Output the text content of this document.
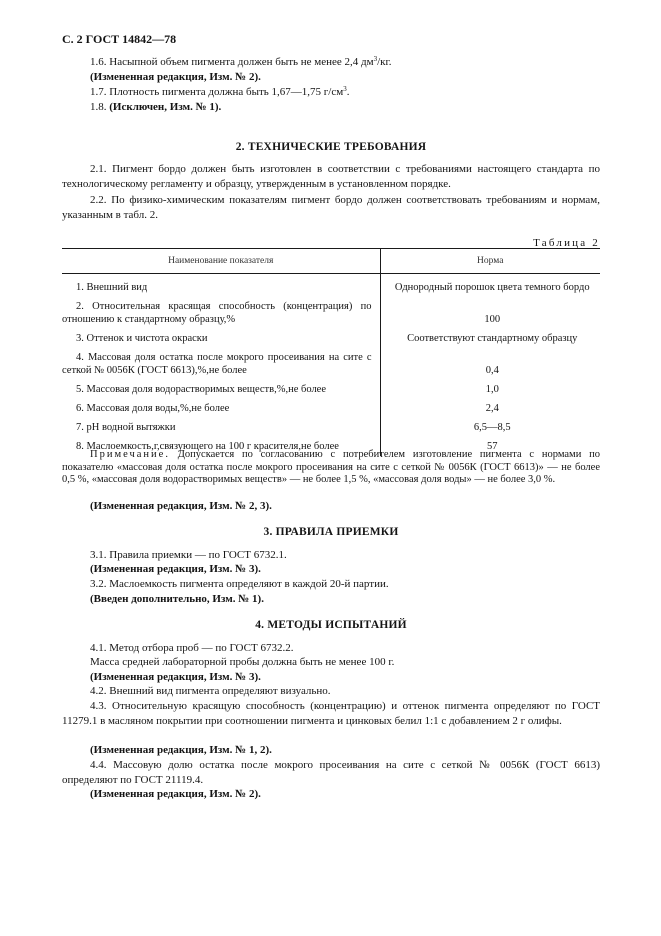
С. 2 ГОСТ 14842—78
1.6. Насыпной объем пигмента должен быть не менее 2,4 $дм^3/кг$.
(Измененная редакция, Изм. № 2).
1.7. Плотность пигмента должна быть 1,67—1,75 $г/см^3$.
1.8. (Исключен, Изм. № 1).
2. ТЕХНИЧЕСКИЕ ТРЕБОВАНИЯ
2.1. Пигмент бордо должен быть изготовлен в соответствии с требованиями настоящего стандарта по технологическому регламенту и образцу, утвержденным в установленном порядке.
2.2. По физико-химическим показателям пигмент бордо должен соответствовать требованиям и нормам, указанным в табл. 2.
Таблица 2
Наименование показателя	Норма

1. Внешний вид	Однородный порошок цвета темного бордо

2. Относительная красящая способность (концентрация) по отношению к стандартному образцу,%	100

3. Оттенок и чистота окраски	Соответствуют стандартному образцу

4. Массовая доля остатка после мокрого просеивания на сите с сеткой № 0056К (ГОСТ 6613),%,не более	0,4

5. Массовая доля водорастворимых веществ,%,не более	1,0

6. Массовая доля воды,%,не более	2,4

7. pH водной вытяжки	6,5—8,5

8. Маслоемкость,г,связующего на 100 г красителя,не более	57
Примечание. Допускается по согласованию с потребителем изготовление пигмента с нормами по показателю «массовая доля остатка после мокрого просеивания на сите с сеткой № 0056К (ГОСТ 6613)» — не более 0,5 %, «массовая доля водорастворимых веществ» — не более 1,5 %, «массовая доля воды» — не более 3,0 %.
(Измененная редакция, Изм. № 2, 3).
3. ПРАВИЛА ПРИЕМКИ
3.1. Правила приемки — по ГОСТ 6732.1.
(Измененная редакция, Изм. № 3).
3.2. Маслоемкость пигмента определяют в каждой 20-й партии.
(Введен дополнительно, Изм. № 1).
4. МЕТОДЫ ИСПЫТАНИЙ
4.1. Метод отбора проб — по ГОСТ 6732.2.
Масса средней лабораторной пробы должна быть не менее 100 г.
(Измененная редакция, Изм. № 3).
4.2. Внешний вид пигмента определяют визуально.
4.3. Относительную красящую способность (концентрацию) и оттенок пигмента определяют по ГОСТ 11279.1 в масляном покрытии при соотношении пигмента и цинковых белил 1:1 с добавлением 2 г олифы.
(Измененная редакция, Изм. № 1, 2).
4.4. Массовую долю остатка после мокрого просеивания на сите с сеткой № 0056К (ГОСТ 6613) определяют по ГОСТ 21119.4.
(Измененная редакция, Изм. № 2).
